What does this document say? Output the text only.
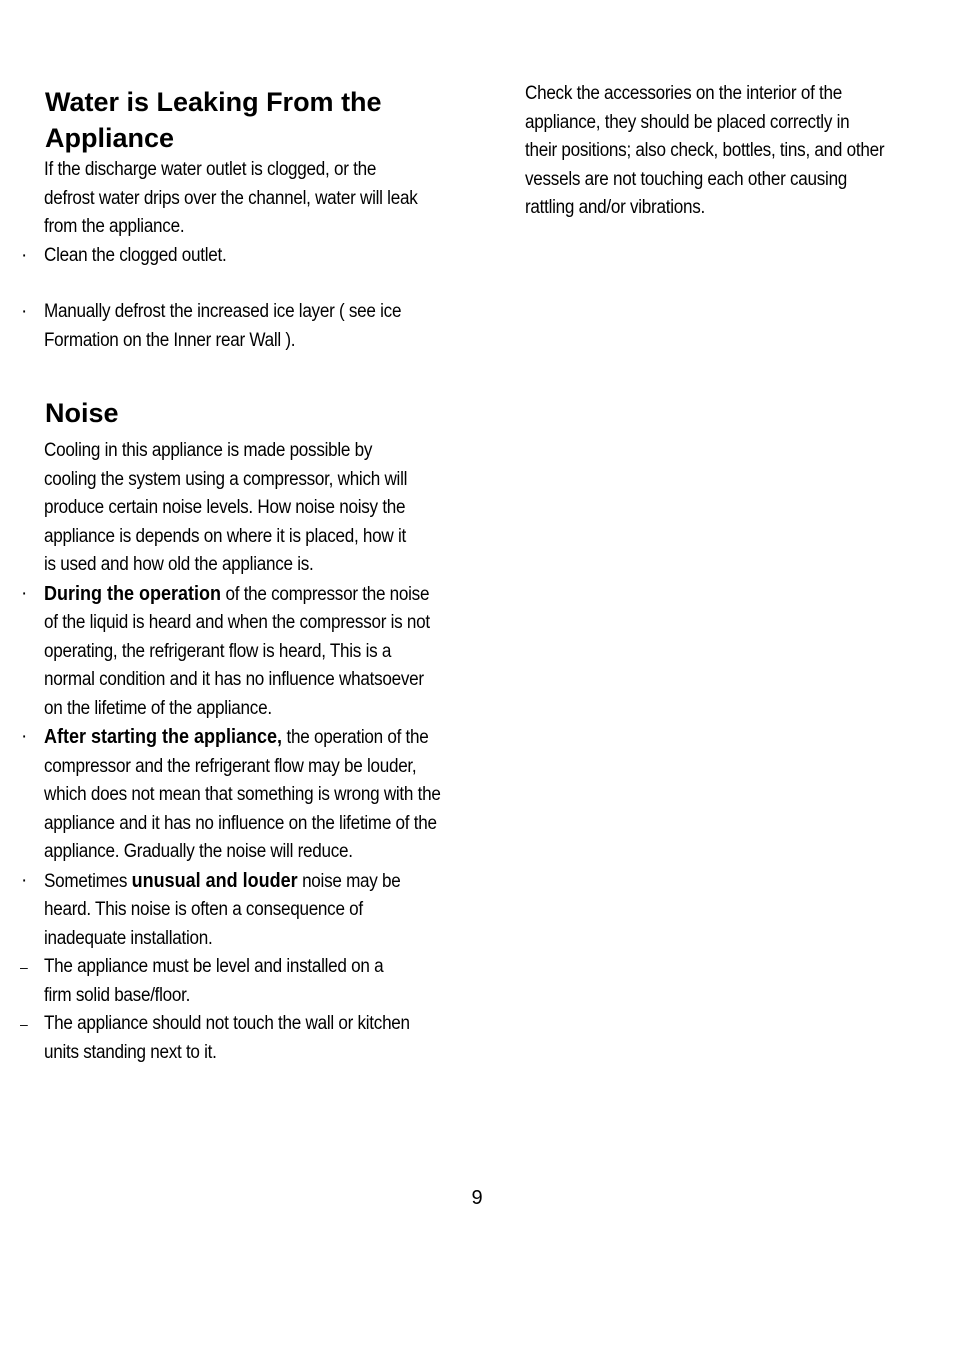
Water is Leaking From the
Appliance

If the discharge water outlet is clogged, or the defrost water drips over the channel, water will leak from the appliance.

· Clean the clogged outlet.

· Manually defrost the increased ice layer ( see ice Formation on the Inner rear Wall ).

Noise

Cooling in this appliance is made possible by cooling the system using a compressor, which will produce certain noise levels. How noise noisy the appliance is depends on where it is placed, how it is used and how old the appliance is.

· During the operation of the compressor the noise of the liquid is heard and when the compressor is not operating, the refrigerant flow is heard, This is a normal condition and it has no influence whatsoever on the lifetime of the appliance.

· After starting the appliance, the operation of the compressor and the refrigerant flow may be louder, which does not mean that something is wrong with the appliance and it has no influence on the lifetime of the appliance. Gradually the noise will reduce.

· Sometimes unusual and louder noise may be heard. This noise is often a consequence of inadequate installation.

– The appliance must be level and installed on a firm solid base/floor.

– The appliance should not touch the wall or kitchen units standing next to it.

Check the accessories on the interior of the appliance, they should be placed correctly in their positions; also check, bottles, tins, and other vessels are not touching each other causing rattling and/or vibrations.

9
